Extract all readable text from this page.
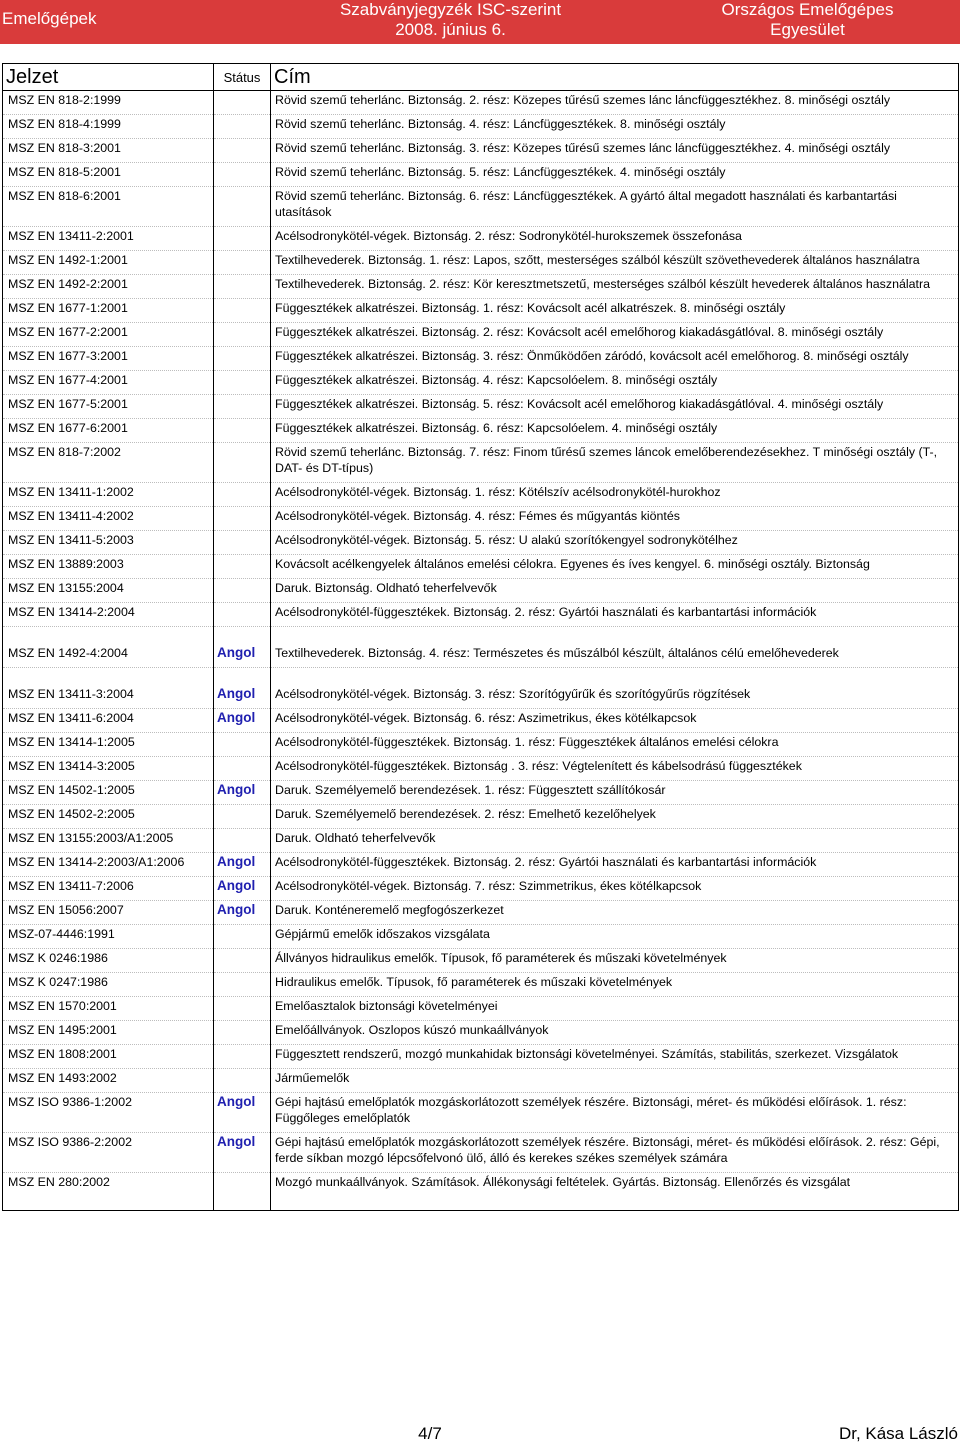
Emelőgépek	Szabványjegyzék ISC-szerint 2008. június 6.
Országos Emelőgépes Egyesület
Jelzet	Státus	Cím
MSZ EN 818-2:1999		Rövid szemű teherlánc. Biztonság. 2. rész: Közepes tűrésű szemes lánc láncfüggesztékhez. 8. minőségi osztály
MSZ EN 818-4:1999		Rövid szemű teherlánc. Biztonság. 4. rész: Láncfüggesztékek. 8. minőségi osztály
MSZ EN 818-3:2001		Rövid szemű teherlánc. Biztonság. 3. rész: Közepes tűrésű szemes lánc láncfüggesztékhez. 4. minőségi osztály
MSZ EN 818-5:2001		Rövid szemű teherlánc. Biztonság. 5. rész: Láncfüggesztékek. 4. minőségi osztály
MSZ EN 818-6:2001		Rövid szemű teherlánc. Biztonság. 6. rész: Láncfüggesztékek. A gyártó által megadott használati és karbantartási utasítások
MSZ EN 13411-2:2001		Acélsodronykötél-végek. Biztonság. 2. rész: Sodronykötél-hurokszemek összefonása
MSZ EN 1492-1:2001		Textilhevederek. Biztonság. 1. rész: Lapos, szőtt, mesterséges szálból készült szövethevederek általános használatra
MSZ EN 1492-2:2001		Textilhevederek. Biztonság. 2. rész: Kör keresztmetszetű, mesterséges szálból készült hevederek általános használatra
MSZ EN 1677-1:2001		Függesztékek alkatrészei. Biztonság. 1. rész: Kovácsolt acél alkatrészek. 8. minőségi osztály
MSZ EN 1677-2:2001		Függesztékek alkatrészei. Biztonság. 2. rész: Kovácsolt acél emelőhorog kiakadásgátlóval. 8. minőségi osztály
MSZ EN 1677-3:2001		Függesztékek alkatrészei. Biztonság. 3. rész: Önműködően záródó, kovácsolt acél emelőhorog. 8. minőségi osztály
MSZ EN 1677-4:2001		Függesztékek alkatrészei. Biztonság. 4. rész: Kapcsolóelem. 8. minőségi osztály
MSZ EN 1677-5:2001		Függesztékek alkatrészei. Biztonság. 5. rész: Kovácsolt acél emelőhorog kiakadásgátlóval. 4. minőségi osztály
MSZ EN 1677-6:2001		Függesztékek alkatrészei. Biztonság. 6. rész: Kapcsolóelem. 4. minőségi osztály
MSZ EN 818-7:2002		Rövid szemű teherlánc. Biztonság. 7. rész: Finom tűrésű szemes láncok emelőberendezésekhez. T minőségi osztály (T-, DAT- és DT-típus)
MSZ EN 13411-1:2002		Acélsodronykötél-végek. Biztonság. 1. rész: Kötélszív acélsodronykötél-hurokhoz
MSZ EN 13411-4:2002		Acélsodronykötél-végek. Biztonság. 4. rész: Fémes és műgyantás kiöntés
MSZ EN 13411-5:2003		Acélsodronykötél-végek. Biztonság. 5. rész: U alakú szorítókengyel sodronykötélhez
MSZ EN 13889:2003		Kovácsolt acélkengyelek általános emelési célokra. Egyenes és íves kengyel. 6. minőségi osztály. Biztonság
MSZ EN 13155:2004		Daruk. Biztonság. Oldható teherfelvevők
MSZ EN 13414-2:2004		Acélsodronykötél-függesztékek. Biztonság. 2. rész: Gyártói használati és karbantartási információk
MSZ EN 1492-4:2004	Angol	Textilhevederek. Biztonság. 4. rész: Természetes és műszálból készült, általános célú emelőhevederek
MSZ EN 13411-3:2004	Angol	Acélsodronykötél-végek. Biztonság. 3. rész: Szorítógyűrűk és szorítógyűrűs rögzítések
MSZ EN 13411-6:2004	Angol	Acélsodronykötél-végek. Biztonság. 6. rész: Aszimetrikus, ékes kötélkapcsok
MSZ EN 13414-1:2005		Acélsodronykötél-függesztékek. Biztonság. 1. rész: Függesztékek általános emelési célokra
MSZ EN 13414-3:2005		Acélsodronykötél-függesztékek. Biztonság . 3. rész: Végtelenített és kábelsodrású függesztékek
MSZ EN 14502-1:2005	Angol	Daruk. Személyemelő berendezések. 1. rész: Függesztett szállítókosár
MSZ EN 14502-2:2005		Daruk. Személyemelő berendezések. 2. rész: Emelhető kezelőhelyek
MSZ EN 13155:2003/A1:2005		Daruk. Oldható teherfelvevők
MSZ EN 13414-2:2003/A1:2006	Angol	Acélsodronykötél-függesztékek. Biztonság. 2. rész: Gyártói használati és karbantartási információk
MSZ EN 13411-7:2006	Angol	Acélsodronykötél-végek. Biztonság. 7. rész: Szimmetrikus, ékes kötélkapcsok
MSZ EN 15056:2007	Angol	Daruk. Konténeremelő megfogószerkezet
MSZ-07-4446:1991		Gépjármű emelők időszakos vizsgálata
MSZ K 0246:1986		Állványos hidraulikus emelők. Típusok, fő paraméterek és műszaki követelmények
MSZ K 0247:1986		Hidraulikus emelők. Típusok, fő paraméterek és műszaki követelmények
MSZ EN 1570:2001		Emelőasztalok biztonsági követelményei
MSZ EN 1495:2001		Emelőállványok. Oszlopos kúszó munkaállványok
MSZ EN 1808:2001		Függesztett rendszerű, mozgó munkahidak biztonsági követelményei. Számítás, stabilitás, szerkezet. Vizsgálatok
MSZ EN 1493:2002		Járműemelők
MSZ ISO 9386-1:2002	Angol	Gépi hajtású emelőplatók mozgáskorlátozott személyek részére. Biztonsági, méret- és működési előírások. 1. rész: Függőleges emelőplatók
MSZ ISO 9386-2:2002	Angol	Gépi hajtású emelőplatók mozgáskorlátozott személyek részére. Biztonsági, méret- és működési előírások. 2. rész: Gépi, ferde síkban mozgó lépcsőfelvonó ülő, álló és kerekes székes személyek számára
MSZ EN 280:2002		Mozgó munkaállványok. Számítások. Állékonysági feltételek. Gyártás. Biztonság. Ellenőrzés és vizsgálat
4/7	Dr, Kása László
